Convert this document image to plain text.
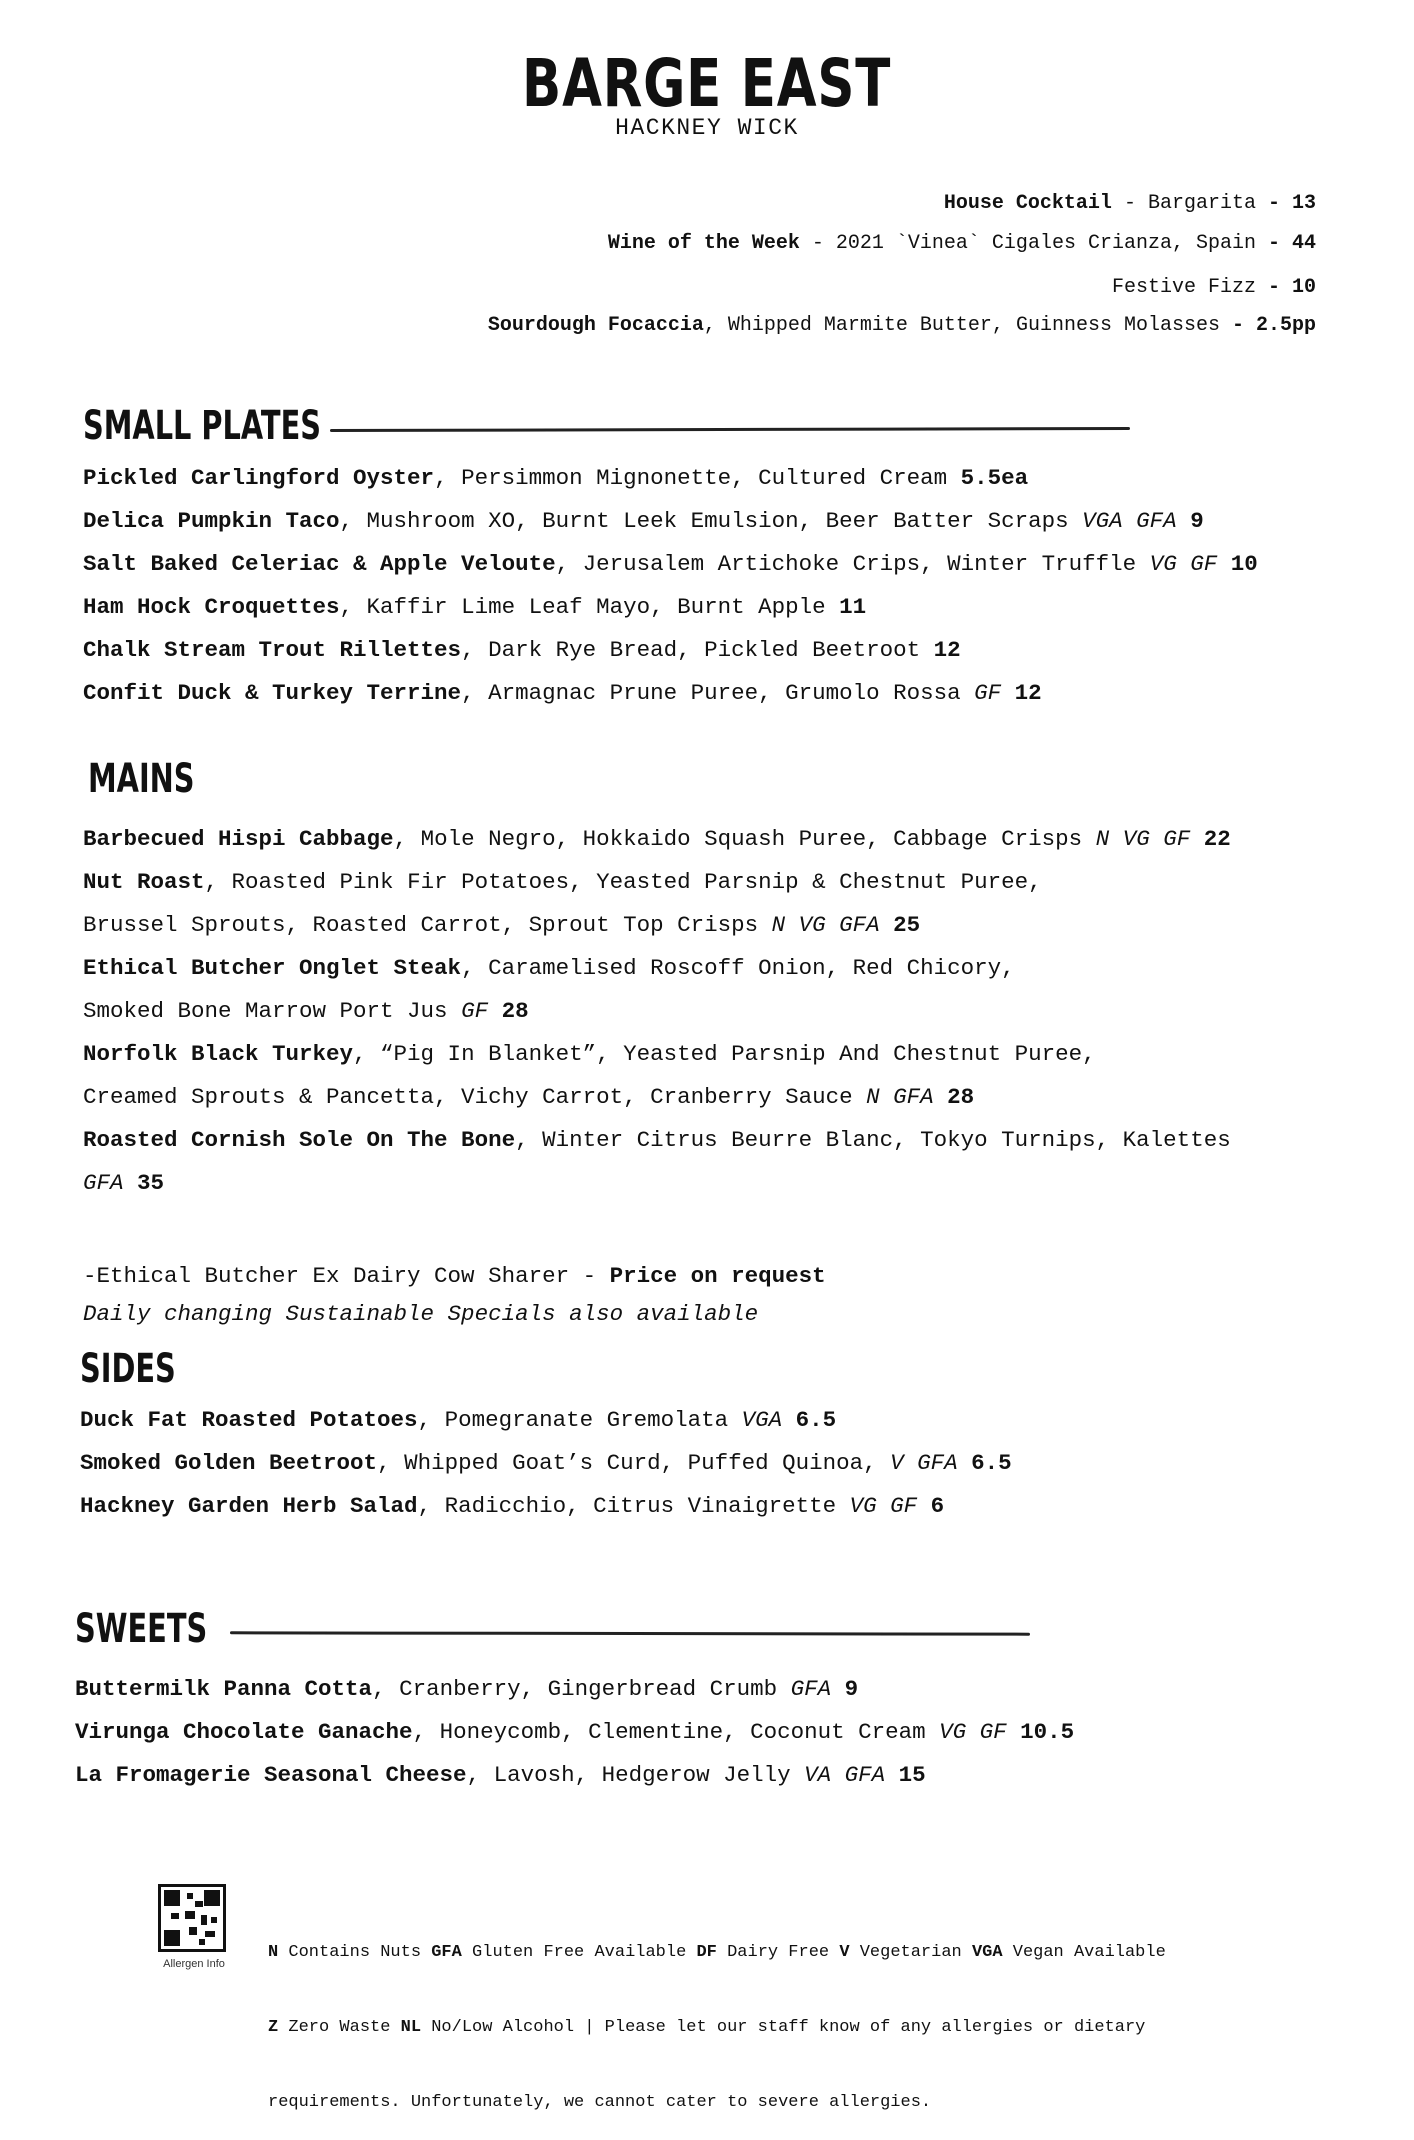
BARGE EAST
HACKNEY WICK
House Cocktail - Bargarita - 13
Wine of the Week - 2021 `Vinea` Cigales Crianza, Spain - 44
Festive Fizz - 10
Sourdough Focaccia, Whipped Marmite Butter, Guinness Molasses - 2.5pp
SMALL PLATES
Pickled Carlingford Oyster, Persimmon Mignonette, Cultured Cream 5.5ea
Delica Pumpkin Taco, Mushroom XO, Burnt Leek Emulsion, Beer Batter Scraps VGA GFA 9
Salt Baked Celeriac & Apple Veloute, Jerusalem Artichoke Crips, Winter Truffle VG GF 10
Ham Hock Croquettes, Kaffir Lime Leaf Mayo, Burnt Apple 11
Chalk Stream Trout Rillettes, Dark Rye Bread, Pickled Beetroot 12
Confit Duck & Turkey Terrine, Armagnac Prune Puree, Grumolo Rossa GF 12
MAINS
Barbecued Hispi Cabbage, Mole Negro, Hokkaido Squash Puree, Cabbage Crisps N VG GF 22
Nut Roast, Roasted Pink Fir Potatoes, Yeasted Parsnip & Chestnut Puree,
Brussel Sprouts, Roasted Carrot, Sprout Top Crisps N VG GFA 25
Ethical Butcher Onglet Steak, Caramelised Roscoff Onion, Red Chicory,
Smoked Bone Marrow Port Jus GF 28
Norfolk Black Turkey, “Pig In Blanket”, Yeasted Parsnip And Chestnut Puree,
Creamed Sprouts & Pancetta, Vichy Carrot, Cranberry Sauce N GFA 28
Roasted Cornish Sole On The Bone, Winter Citrus Beurre Blanc, Tokyo Turnips, Kalettes
GFA 35
-Ethical Butcher Ex Dairy Cow Sharer - Price on request
Daily changing Sustainable Specials also available
SIDES
Duck Fat Roasted Potatoes, Pomegranate Gremolata VGA 6.5
Smoked Golden Beetroot, Whipped Goat’s Curd, Puffed Quinoa, V GFA 6.5
Hackney Garden Herb Salad, Radicchio, Citrus Vinaigrette VG GF 6
SWEETS
Buttermilk Panna Cotta, Cranberry, Gingerbread Crumb GFA 9
Virunga Chocolate Ganache, Honeycomb, Clementine, Coconut Cream VG GF 10.5
La Fromagerie Seasonal Cheese, Lavosh, Hedgerow Jelly VA GFA 15
Allergen Info

N Contains Nuts GFA Gluten Free Available DF Dairy Free V Vegetarian VGA Vegan Available

Z Zero Waste NL No/Low Alcohol | Please let our staff know of any allergies or dietary

requirements. Unfortunately, we cannot cater to severe allergies.
